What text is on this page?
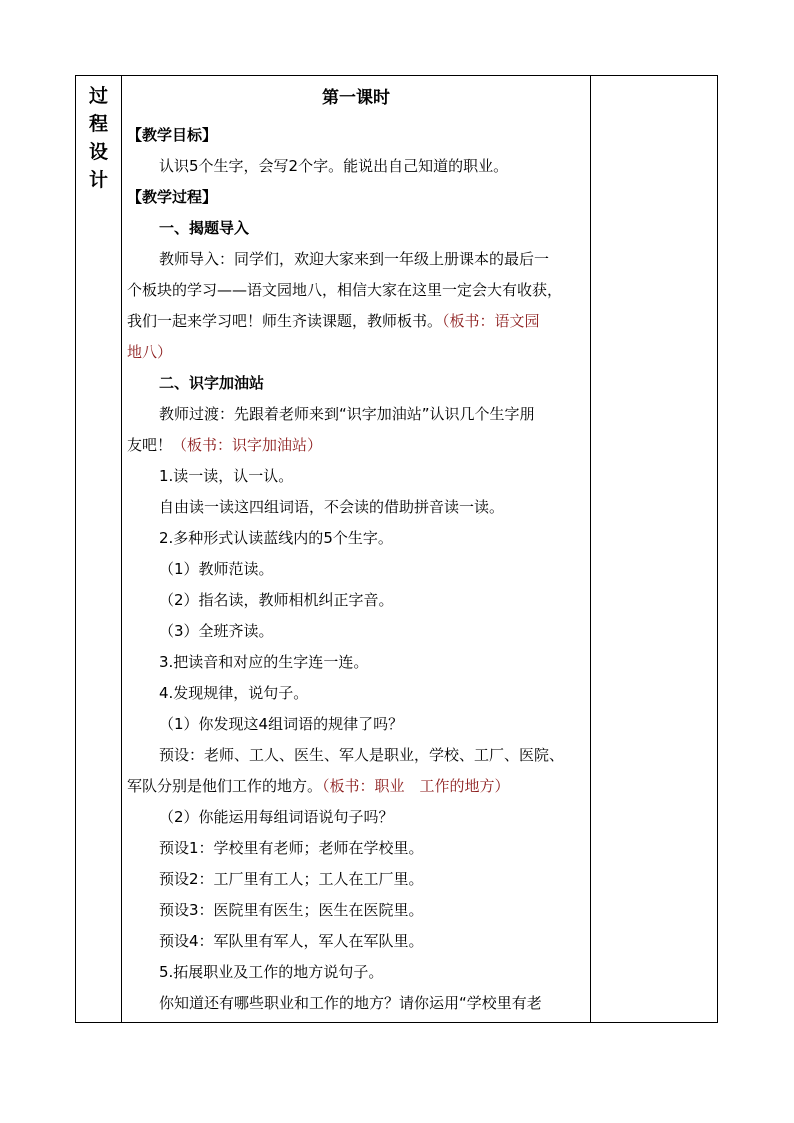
过
程
设
计
第一课时
【教学目标】
认识5个生字，会写2个字。能说出自己知道的职业。
【教学过程】
一、揭题导入
教师导入：同学们，欢迎大家来到一年级上册课本的最后一
个板块的学习——语文园地八，相信大家在这里一定会大有收获，
我们一起来学习吧！师生齐读课题，教师板书。（板书：语文园
地八）
二、识字加油站
教师过渡：先跟着老师来到“识字加油站”认识几个生字朋
友吧！（板书：识字加油站）
1.读一读，认一认。
自由读一读这四组词语，不会读的借助拼音读一读。
2.多种形式认读蓝线内的5个生字。
（1）教师范读。
（2）指名读，教师相机纠正字音。
（3）全班齐读。
3.把读音和对应的生字连一连。
4.发现规律，说句子。
（1）你发现这4组词语的规律了吗？
预设：老师、工人、医生、军人是职业，学校、工厂、医院、
军队分别是他们工作的地方。（板书：职业　工作的地方）
（2）你能运用每组词语说句子吗？
预设1：学校里有老师；老师在学校里。
预设2：工厂里有工人；工人在工厂里。
预设3：医院里有医生；医生在医院里。
预设4：军队里有军人，军人在军队里。
5.拓展职业及工作的地方说句子。
你知道还有哪些职业和工作的地方？请你运用“学校里有老
